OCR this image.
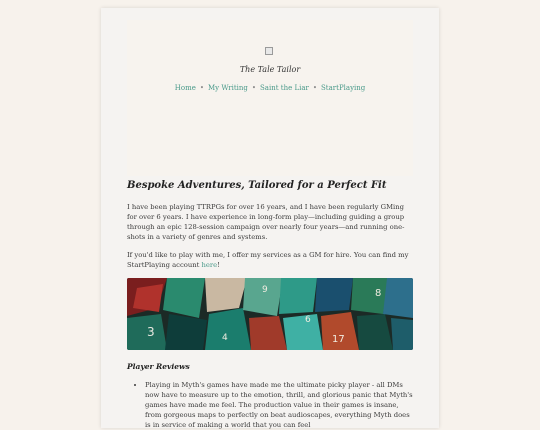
The Tale Tailor
Home • My Writing • Saint the Liar • StartPlaying
Bespoke Adventures, Tailored for a Perfect Fit

I have been playing TTRPGs for over 16 years, and I have been regularly GMing for over 6 years. I have experience in long-form play—including guiding a group through an epic 128-session campaign over nearly four years—and running one-shots in a variety of genres and systems.

If you'd like to play with me, I offer my services as a GM for hire. You can find my StartPlaying account here!

3
9
17
8
6
4
Player Reviews
• Playing in Myth's games have made me the ultimate picky player - all DMs now have to measure up to the emotion, thrill, and glorious panic that Myth's games have made me feel. The production value in their games is insane, from gorgeous maps to perfectly on beat audioscapes, everything Myth does is in service of making a world that you can feel
